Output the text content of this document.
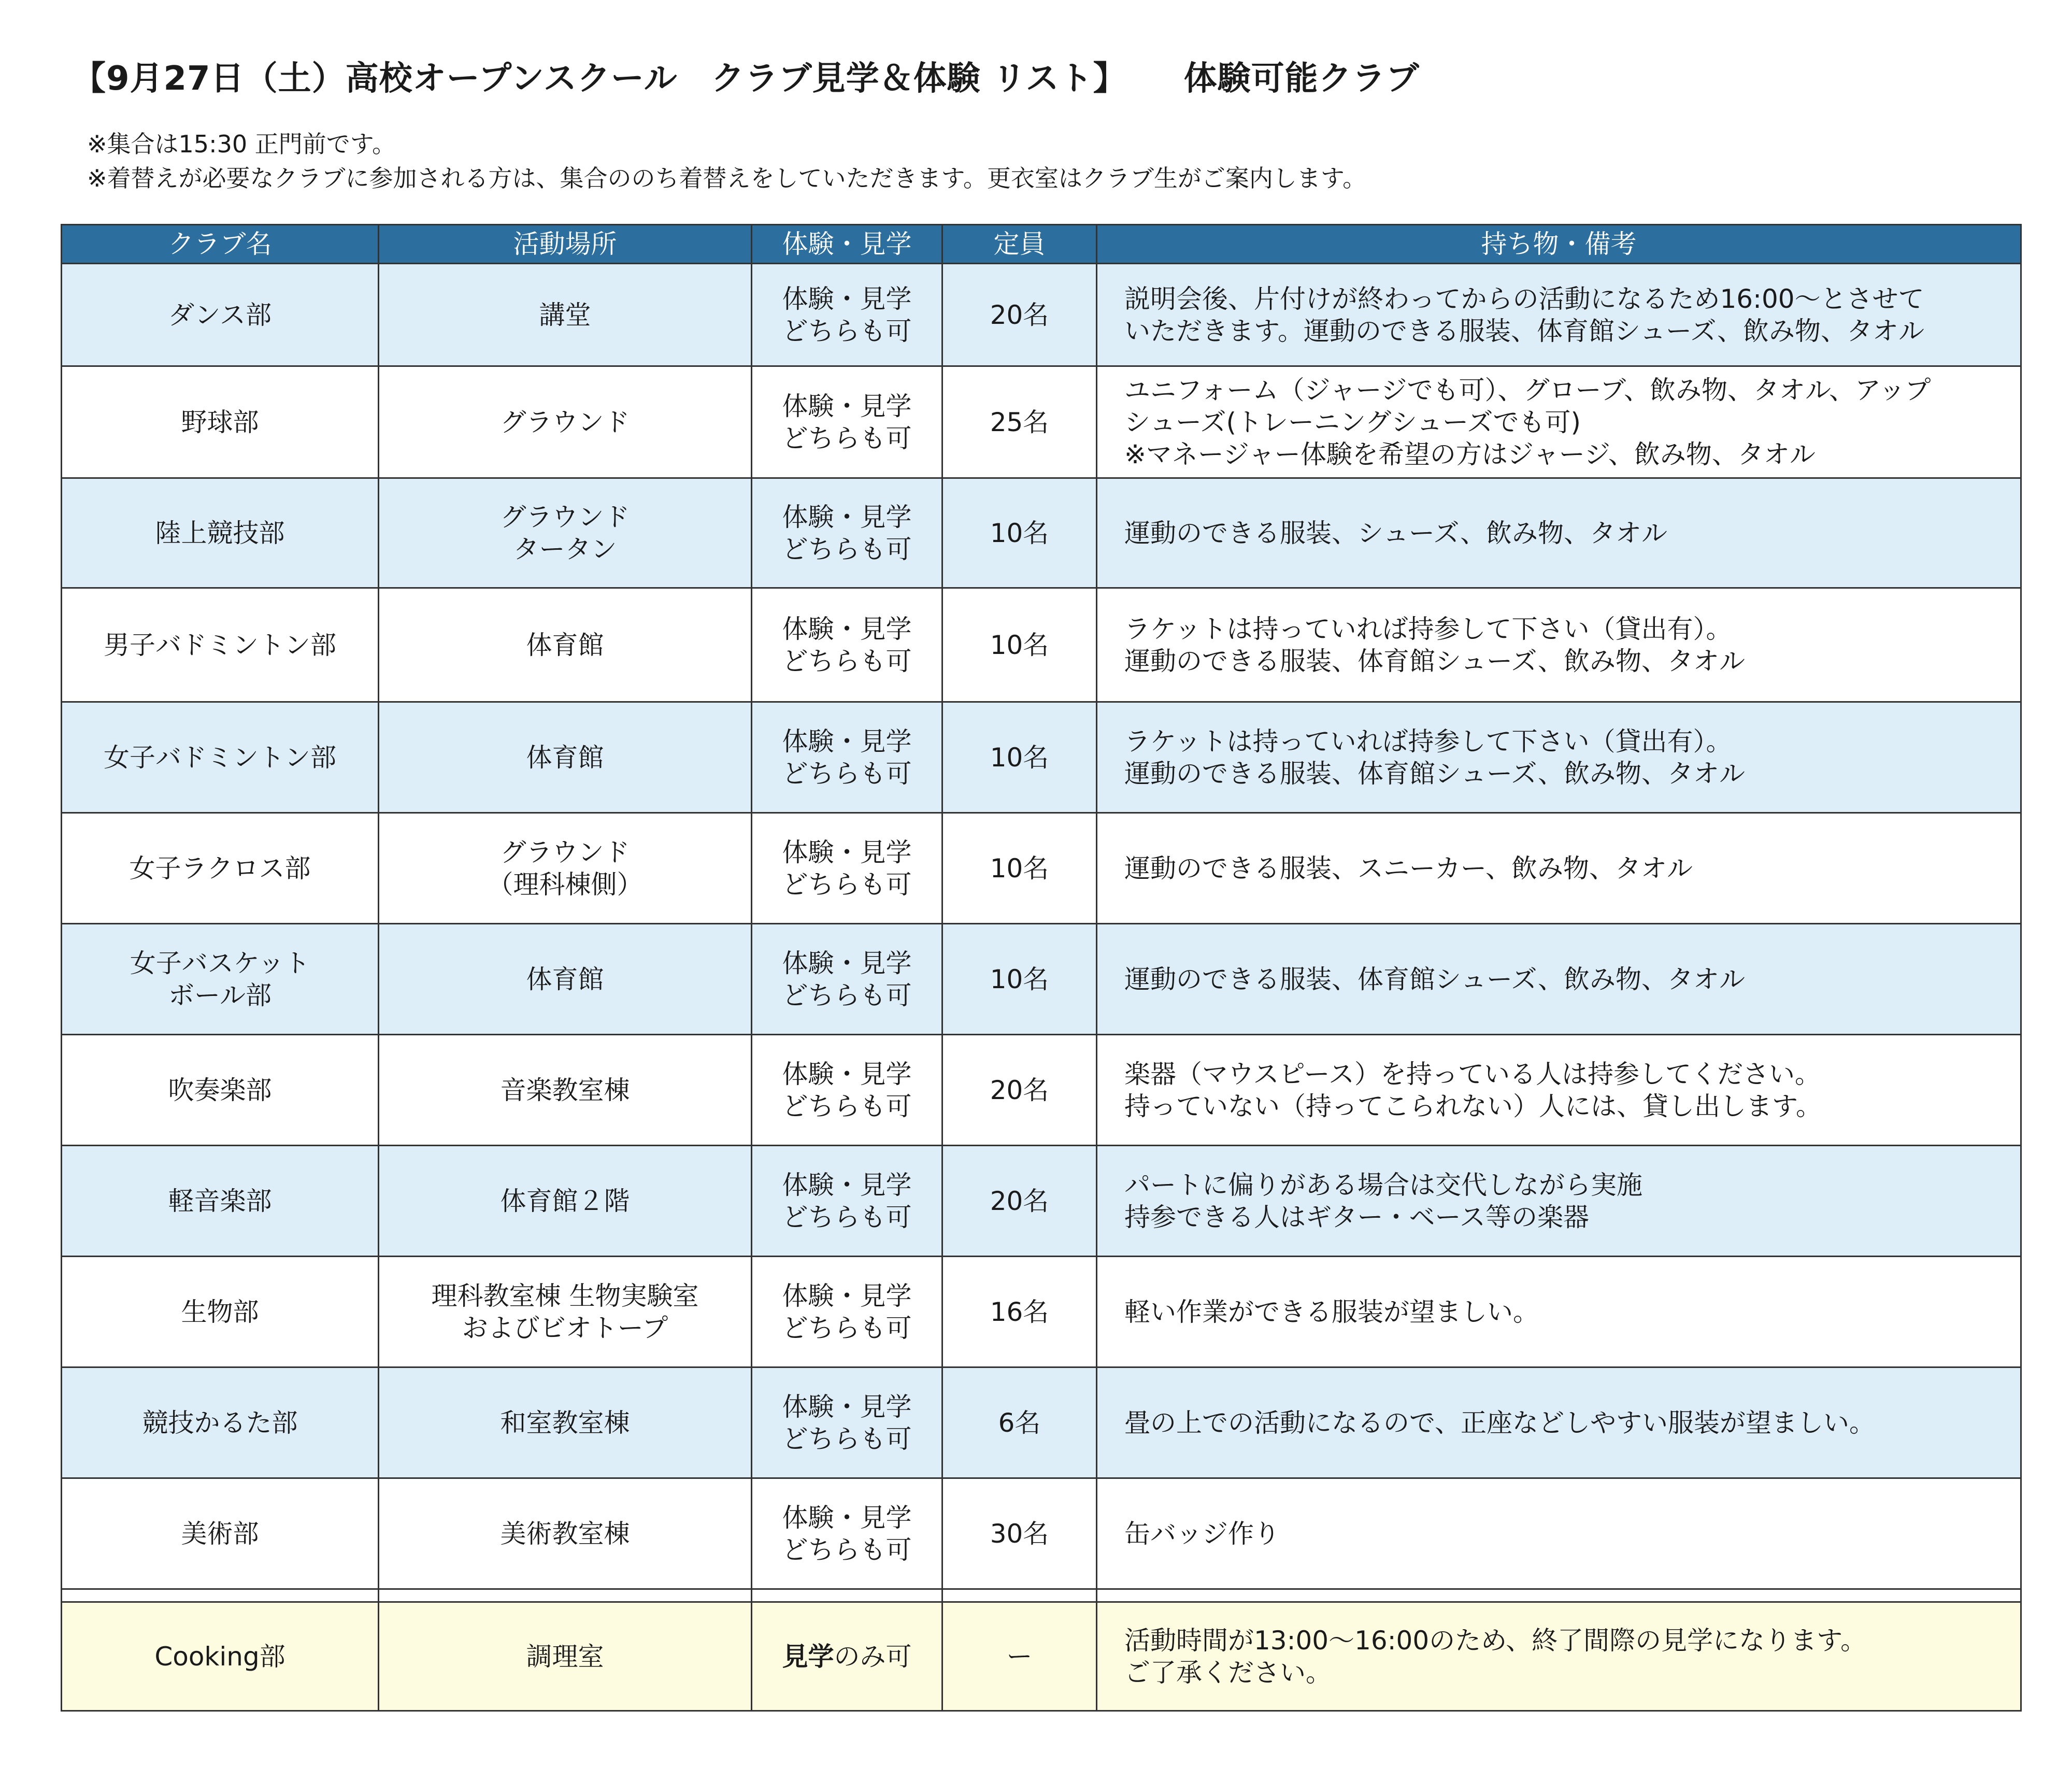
【9月27日（土）高校オープンスクール　クラブ見学＆体験 リスト】 体験可能クラブ
※集合は15:30 正門前です。
※着替えが必要なクラブに参加される方は、集合ののち着替えをしていただきます。更衣室はクラブ生がご案内します。
クラブ名	活動場所	体験・見学	定員	持ち物・備考

ダンス部	講堂	体験・見学
どちらも可	20名	説明会後、片付けが終わってからの活動になるため16:00～とさせて
いただきます。運動のできる服装、体育館シューズ、飲み物、タオル

野球部	グラウンド	体験・見学
どちらも可	25名	ユニフォーム（ジャージでも可）、グローブ、飲み物、タオル、アップ
シューズ(トレーニングシューズでも可)
※マネージャー体験を希望の方はジャージ、飲み物、タオル

陸上競技部	グラウンド
タータン	体験・見学
どちらも可	10名	運動のできる服装、シューズ、飲み物、タオル

男子バドミントン部	体育館	体験・見学
どちらも可	10名	ラケットは持っていれば持参して下さい（貸出有）。
運動のできる服装、体育館シューズ、飲み物、タオル

女子バドミントン部	体育館	体験・見学
どちらも可	10名	ラケットは持っていれば持参して下さい（貸出有）。
運動のできる服装、体育館シューズ、飲み物、タオル

女子ラクロス部	グラウンド
（理科棟側）	体験・見学
どちらも可	10名	運動のできる服装、スニーカー、飲み物、タオル

女子バスケット
ボール部	体育館	体験・見学
どちらも可	10名	運動のできる服装、体育館シューズ、飲み物、タオル

吹奏楽部	音楽教室棟	体験・見学
どちらも可	20名	楽器（マウスピース）を持っている人は持参してください。
持っていない（持ってこられない）人には、貸し出します。

軽音楽部	体育館２階	体験・見学
どちらも可	20名	パートに偏りがある場合は交代しながら実施
持参できる人はギター・ベース等の楽器

生物部	理科教室棟 生物実験室
およびビオトープ	体験・見学
どちらも可	16名	軽い作業ができる服装が望ましい。

競技かるた部	和室教室棟	体験・見学
どちらも可	6名	畳の上での活動になるので、正座などしやすい服装が望ましい。

美術部	美術教室棟	体験・見学
どちらも可	30名	缶バッジ作り

Cooking部	調理室	見学のみ可	ー	活動時間が13:00～16:00のため、終了間際の見学になります。
ご了承ください。
